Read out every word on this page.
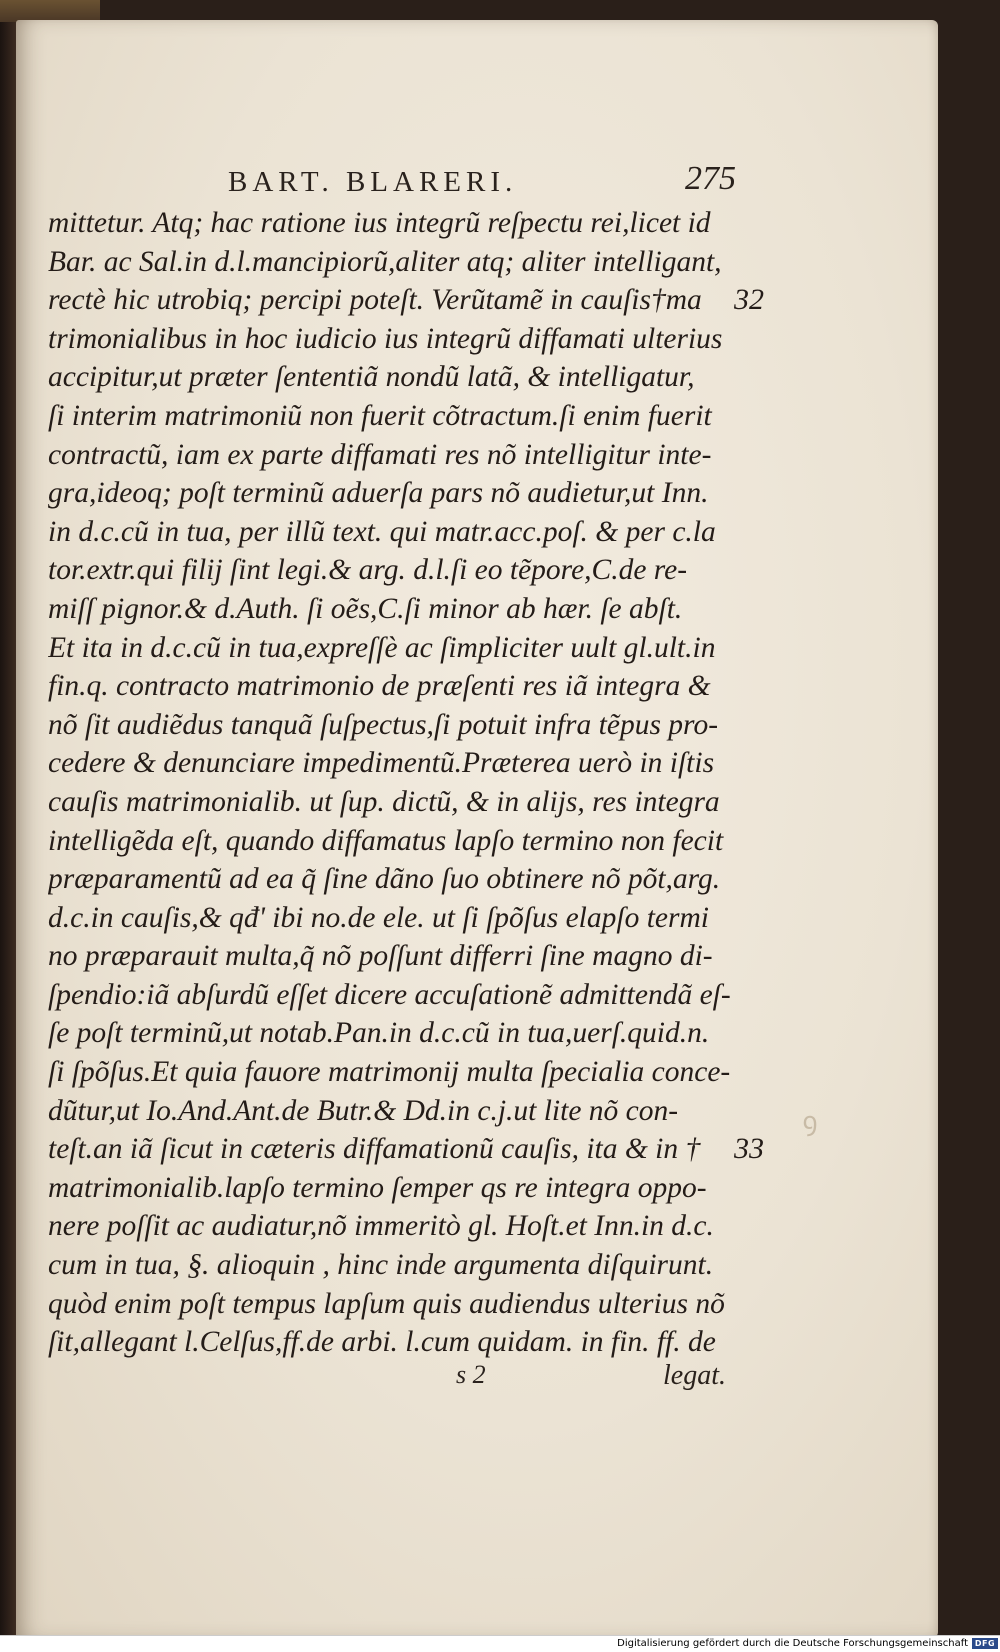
BART. BLARERI.	275
mittetur. Atq; hac ratione ius integrũ reſpectu rei,licet id
Bar. ac Sal.in d.l.mancipiorũ,aliter atq; aliter intelligant,
rectè hic utrobiq; percipi poteſt. Verũtamẽ in cauſis†ma
trimonialibus in hoc iudicio ius integrũ diffamati ulterius
accipitur,ut præter ſententiã nondũ latã, & intelligatur,
ſi interim matrimoniũ non fuerit cõtractum.ſi enim fuerit
contractũ, iam ex parte diffamati res nõ intelligitur inte-
gra,ideoq; poſt terminũ aduerſa pars nõ audietur,ut Inn.
in d.c.cũ in tua, per illũ text. qui matr.acc.poſ. & per c.la
tor.extr.qui filij ſint legi.& arg. d.l.ſi eo tẽpore,C.de re-
miſſ pignor.& d.Auth. ſi oẽs,C.ſi minor ab hær. ſe abſt.
Et ita in d.c.cũ in tua,expreſſè ac ſimpliciter uult gl.ult.in
fin.q. contracto matrimonio de præſenti res iã integra &
nõ ſit audiẽdus tanquã ſuſpectus,ſi potuit infra tẽpus pro-
cedere & denunciare impedimentũ.Præterea uerò in iſtis
cauſis matrimonialib. ut ſup. dictũ, & in alijs, res integra
intelligẽda eſt, quando diffamatus lapſo termino non fecit
præparamentũ ad ea q̃ ſine dãno ſuo obtinere nõ põt,arg.
d.c.in cauſis,& qđ' ibi no.de ele. ut ſi ſpõſus elapſo termi
no præparauit multa,q̃ nõ poſſunt differri ſine magno di-
ſpendio:iã abſurdũ eſſet dicere accuſationẽ admittendã eſ-
ſe poſt terminũ,ut notab.Pan.in d.c.cũ in tua,uerſ.quid.n.
ſi ſpõſus.Et quia fauore matrimonij multa ſpecialia conce-
dũtur,ut Io.And.Ant.de Butr.& Dd.in c.j.ut lite nõ con-
teſt.an iã ſicut in cæteris diffamationũ cauſis, ita & in †
matrimonialib.lapſo termino ſemper qs re integra oppo-
nere poſſit ac audiatur,nõ immeritò gl. Hoſt.et Inn.in d.c.
cum in tua, §. alioquin , hinc inde argumenta diſquirunt.
quòd enim poſt tempus lapſum quis audiendus ulterius nõ
ſit,allegant l.Celſus,ff.de arbi. l.cum quidam. in fin. ff. de
32
33
ꝯ
s 2	legat.
Digitalisierung gefördert durch die Deutsche Forschungsgemeinschaft DFG
